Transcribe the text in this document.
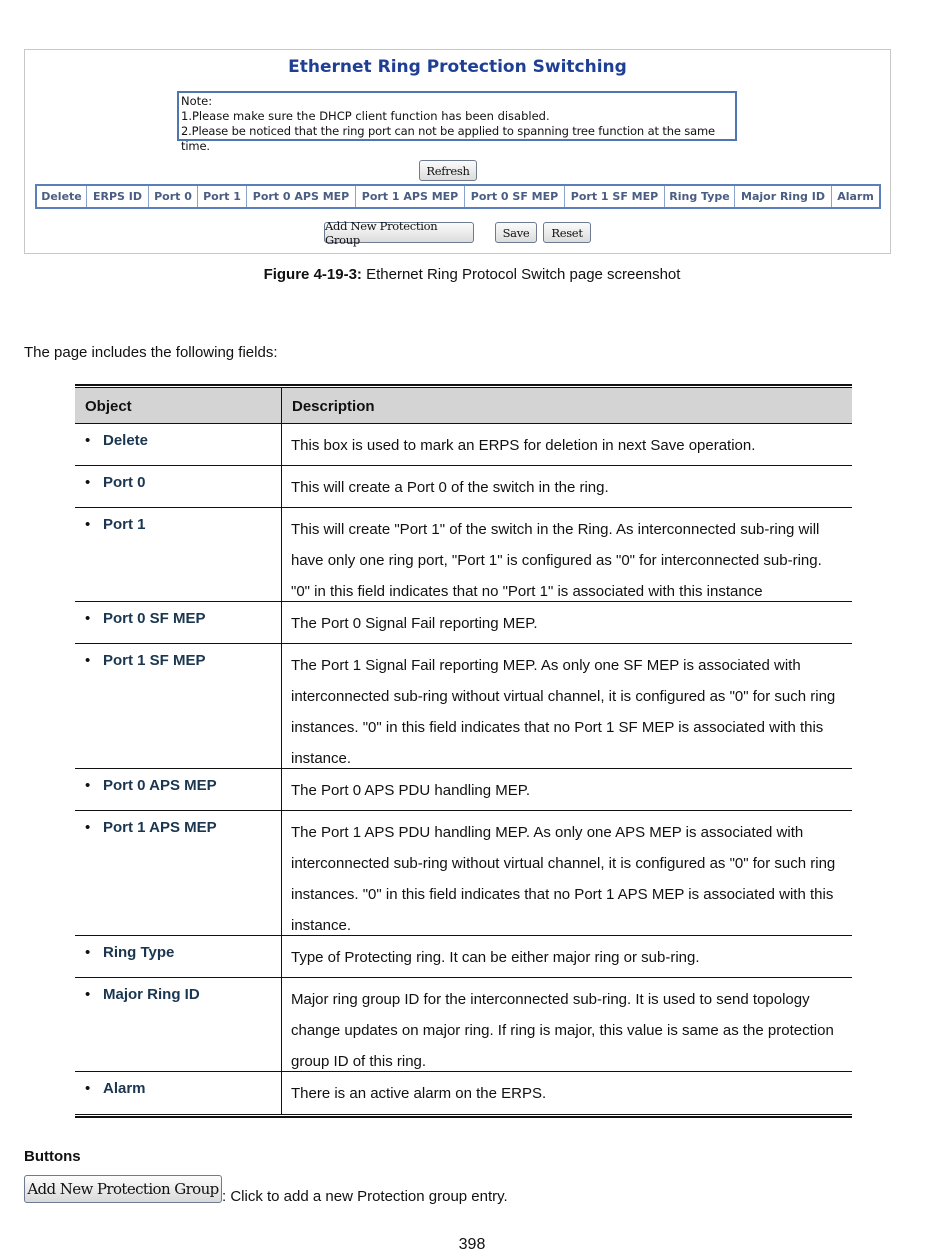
Ethernet Ring Protection Switching
Note:
1.Please make sure the DHCP client function has been disabled.
2.Please be noticed that the ring port can not be applied to spanning tree function at the same time.
Refresh
Delete	ERPS ID	Port 0	Port 1	Port 0 APS MEP	Port 1 APS MEP	Port 0 SF MEP	Port 1 SF MEP	Ring Type	Major Ring ID	Alarm
Add New Protection Group	Save	Reset
Figure 4-19-3: Ethernet Ring Protocol Switch page screenshot
The page includes the following fields:
Object	Description
• Delete	This box is used to mark an ERPS for deletion in next Save operation.
• Port 0	This will create a Port 0 of the switch in the ring.
• Port 1	This will create "Port 1" of the switch in the Ring. As interconnected sub-ring will have only one ring port, "Port 1" is configured as "0" for interconnected sub-ring. "0" in this field indicates that no "Port 1" is associated with this instance
• Port 0 SF MEP	The Port 0 Signal Fail reporting MEP.
• Port 1 SF MEP	The Port 1 Signal Fail reporting MEP. As only one SF MEP is associated with interconnected sub-ring without virtual channel, it is configured as "0" for such ring instances. "0" in this field indicates that no Port 1 SF MEP is associated with this instance.
• Port 0 APS MEP	The Port 0 APS PDU handling MEP.
• Port 1 APS MEP	The Port 1 APS PDU handling MEP. As only one APS MEP is associated with interconnected sub-ring without virtual channel, it is configured as "0" for such ring instances. "0" in this field indicates that no Port 1 APS MEP is associated with this instance.
• Ring Type	Type of Protecting ring. It can be either major ring or sub-ring.
• Major Ring ID	Major ring group ID for the interconnected sub-ring. It is used to send topology change updates on major ring. If ring is major, this value is same as the protection group ID of this ring.
• Alarm	There is an active alarm on the ERPS.
Buttons
Add New Protection Group : Click to add a new Protection group entry.
398
